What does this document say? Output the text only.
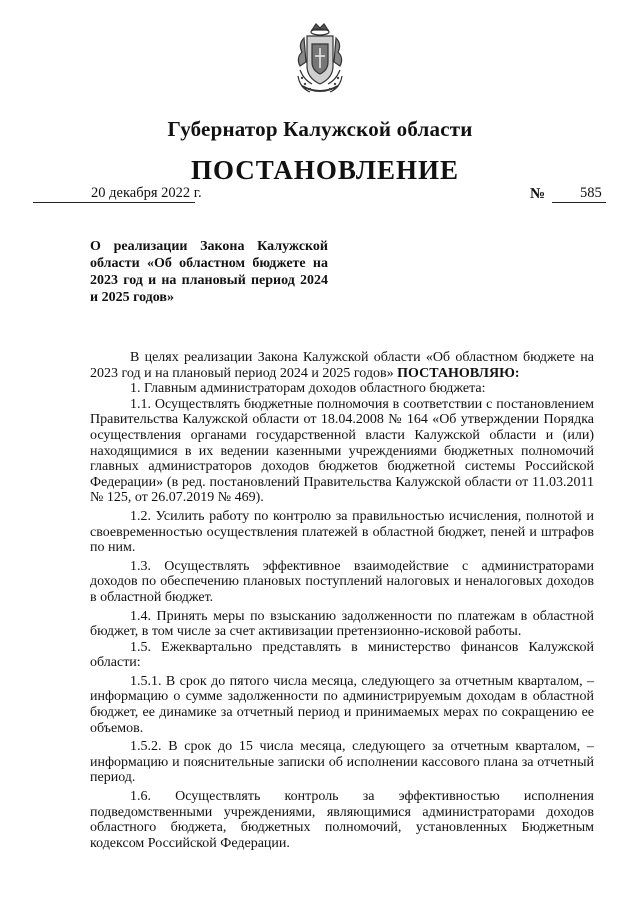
Губернатор Калужской области
ПОСТАНОВЛЕНИЕ
20 декабря 2022 г.	№ 585
О реализации Закона Калужской области «Об областном бюджете на 2023 год и на плановый период 2024 и 2025 годов»

В целях реализации Закона Калужской области «Об областном бюджете на 2023 год и на плановый период 2024 и 2025 годов» ПОСТАНОВЛЯЮ:

1. Главным администраторам доходов областного бюджета:

1.1. Осуществлять бюджетные полномочия в соответствии с постановлением Правительства Калужской области от 18.04.2008 № 164 «Об утверждении Порядка осуществления органами государственной власти Калужской области и (или) находящимися в их ведении казенными учреждениями бюджетных полномочий главных администраторов доходов бюджетов бюджетной системы Российской Федерации» (в ред. постановлений Правительства Калужской области от 11.03.2011 № 125, от 26.07.2019 № 469).

1.2. Усилить работу по контролю за правильностью исчисления, полнотой и своевременностью осуществления платежей в областной бюджет, пеней и штрафов по ним.

1.3. Осуществлять эффективное взаимодействие с администраторами доходов по обеспечению плановых поступлений налоговых и неналоговых доходов в областной бюджет.

1.4. Принять меры по взысканию задолженности по платежам в областной бюджет, в том числе за счет активизации претензионно-исковой работы.

1.5. Ежеквартально представлять в министерство финансов Калужской области:

1.5.1. В срок до пятого числа месяца, следующего за отчетным кварталом, – информацию о сумме задолженности по администрируемым доходам в областной бюджет, ее динамике за отчетный период и принимаемых мерах по сокращению ее объемов.

1.5.2. В срок до 15 числа месяца, следующего за отчетным кварталом, – информацию и пояснительные записки об исполнении кассового плана за отчетный период.

1.6. Осуществлять контроль за эффективностью исполнения подведомственными учреждениями, являющимися администраторами доходов областного бюджета, бюджетных полномочий, установленных Бюджетным кодексом Российской Федерации.
